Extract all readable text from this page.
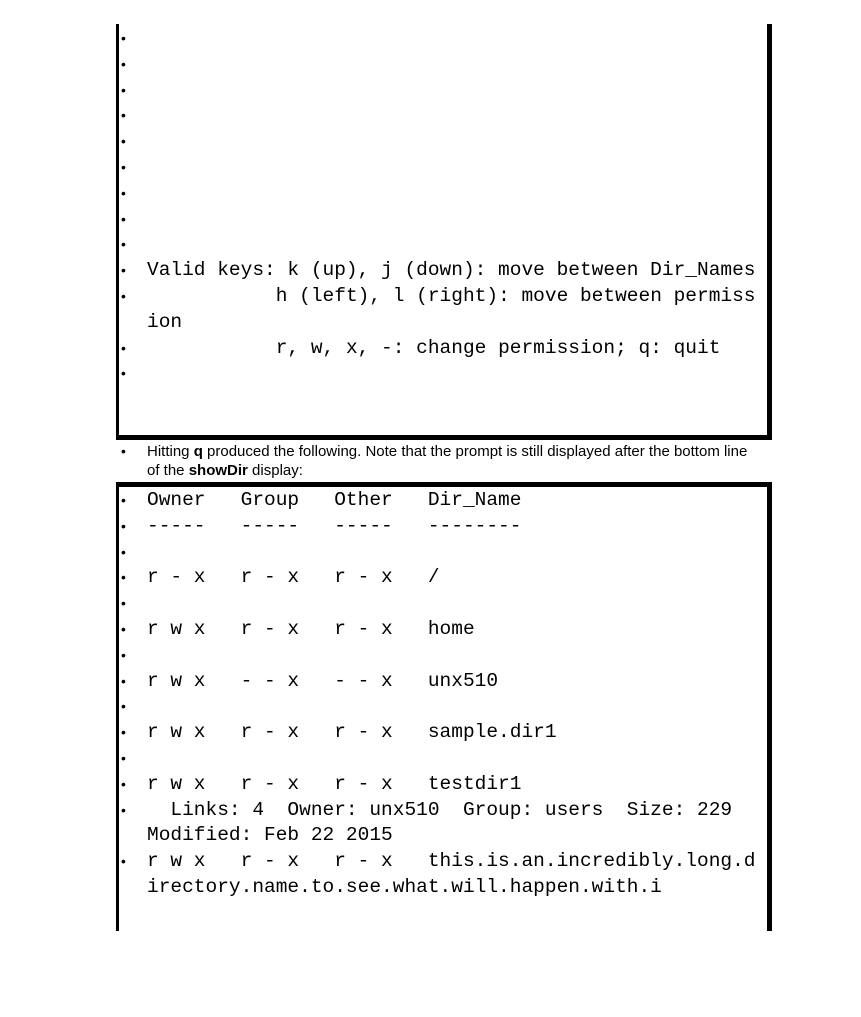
•
•
•
•
•
•
•
•
•
• Valid keys: k (up), j (down): move between Dir_Names
•            h (left), l (right): move between permission
•            r, w, x, -: change permission; q: quit
•
• Hitting q produced the following. Note that the prompt is still displayed after the bottom line of the showDir display:
• Owner   Group   Other   Dir_Name
• -----   -----   -----   --------
•
• r - x   r - x   r - x   /
•
• r w x   r - x   r - x   home
•
• r w x   - - x   - - x   unx510
•
• r w x   r - x   r - x   sample.dir1
•
• r w x   r - x   r - x   testdir1
•   Links: 4  Owner: unx510  Group: users  Size: 229  Modified: Feb 22 2015
• r w x   r - x   r - x   this.is.an.incredibly.long.directory.name.to.see.what.will.happen.with.i
